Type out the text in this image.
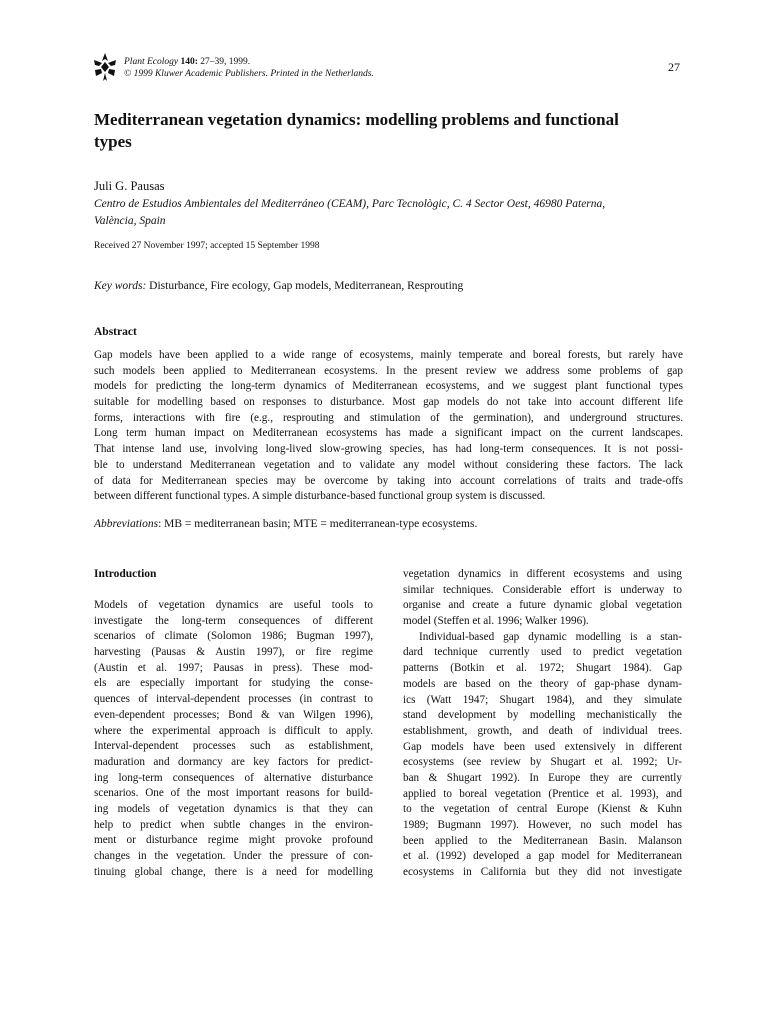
Plant Ecology 140: 27–39, 1999.
© 1999 Kluwer Academic Publishers. Printed in the Netherlands.	27
Mediterranean vegetation dynamics: modelling problems and functional
types
Juli G. Pausas
Centro de Estudios Ambientales del Mediterráneo (CEAM), Parc Tecnològic, C. 4 Sector Oest, 46980 Paterna,
València, Spain
Received 27 November 1997; accepted 15 September 1998
Key words: Disturbance, Fire ecology, Gap models, Mediterranean, Resprouting
Abstract
Gap models have been applied to a wide range of ecosystems, mainly temperate and boreal forests, but rarely have
such models been applied to Mediterranean ecosystems. In the present review we address some problems of gap
models for predicting the long-term dynamics of Mediterranean ecosystems, and we suggest plant functional types
suitable for modelling based on responses to disturbance. Most gap models do not take into account different life
forms, interactions with fire (e.g., resprouting and stimulation of the germination), and underground structures.
Long term human impact on Mediterranean ecosystems has made a significant impact on the current landscapes.
That intense land use, involving long-lived slow-growing species, has had long-term consequences. It is not possi-
ble to understand Mediterranean vegetation and to validate any model without considering these factors. The lack
of data for Mediterranean species may be overcome by taking into account correlations of traits and trade-offs
between different functional types. A simple disturbance-based functional group system is discussed.
Abbreviations: MB = mediterranean basin; MTE = mediterranean-type ecosystems.
Introduction
Models of vegetation dynamics are useful tools to
investigate the long-term consequences of different
scenarios of climate (Solomon 1986; Bugman 1997),
harvesting (Pausas & Austin 1997), or fire regime
(Austin et al. 1997; Pausas in press). These mod-
els are especially important for studying the conse-
quences of interval-dependent processes (in contrast to
even-dependent processes; Bond & van Wilgen 1996),
where the experimental approach is difficult to apply.
Interval-dependent processes such as establishment,
maduration and dormancy are key factors for predict-
ing long-term consequences of alternative disturbance
scenarios. One of the most important reasons for build-
ing models of vegetation dynamics is that they can
help to predict when subtle changes in the environ-
ment or disturbance regime might provoke profound
changes in the vegetation. Under the pressure of con-
tinuing global change, there is a need for modelling
vegetation dynamics in different ecosystems and using
similar techniques. Considerable effort is underway to
organise and create a future dynamic global vegetation
model (Steffen et al. 1996; Walker 1996).
Individual-based gap dynamic modelling is a stan-
dard technique currently used to predict vegetation
patterns (Botkin et al. 1972; Shugart 1984). Gap
models are based on the theory of gap-phase dynam-
ics (Watt 1947; Shugart 1984), and they simulate
stand development by modelling mechanistically the
establishment, growth, and death of individual trees.
Gap models have been used extensively in different
ecosystems (see review by Shugart et al. 1992; Ur-
ban & Shugart 1992). In Europe they are currently
applied to boreal vegetation (Prentice et al. 1993), and
to the vegetation of central Europe (Kienst & Kuhn
1989; Bugmann 1997). However, no such model has
been applied to the Mediterranean Basin. Malanson
et al. (1992) developed a gap model for Mediterranean
ecosystems in California but they did not investigate
